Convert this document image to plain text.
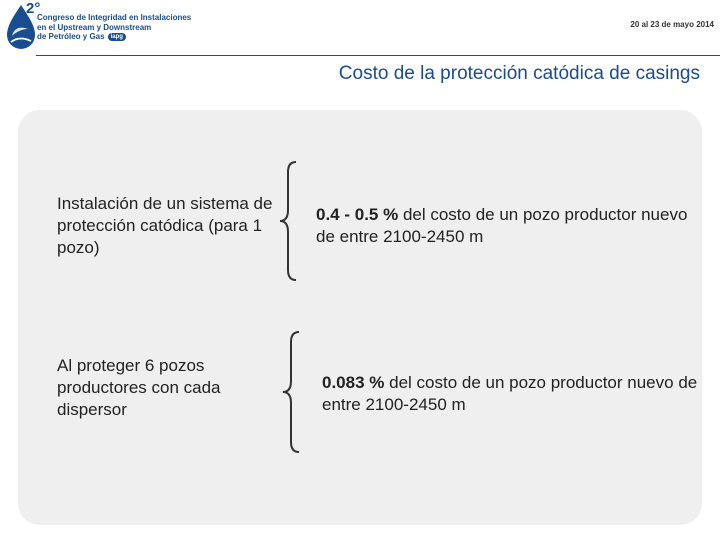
2°
Congreso de Integridad en Instalaciones
en el Upstream y Downstream
de Petróleo y Gas iapg
20 al 23 de mayo 2014
Costo de la protección catódica de casings
Instalación de un sistema de protección catódica (para 1 pozo)
0.4 - 0.5 % del costo de un pozo productor nuevo de entre 2100-2450 m
Al proteger 6 pozos productores con cada dispersor
0.083 % del costo de un pozo productor nuevo de entre 2100-2450 m
